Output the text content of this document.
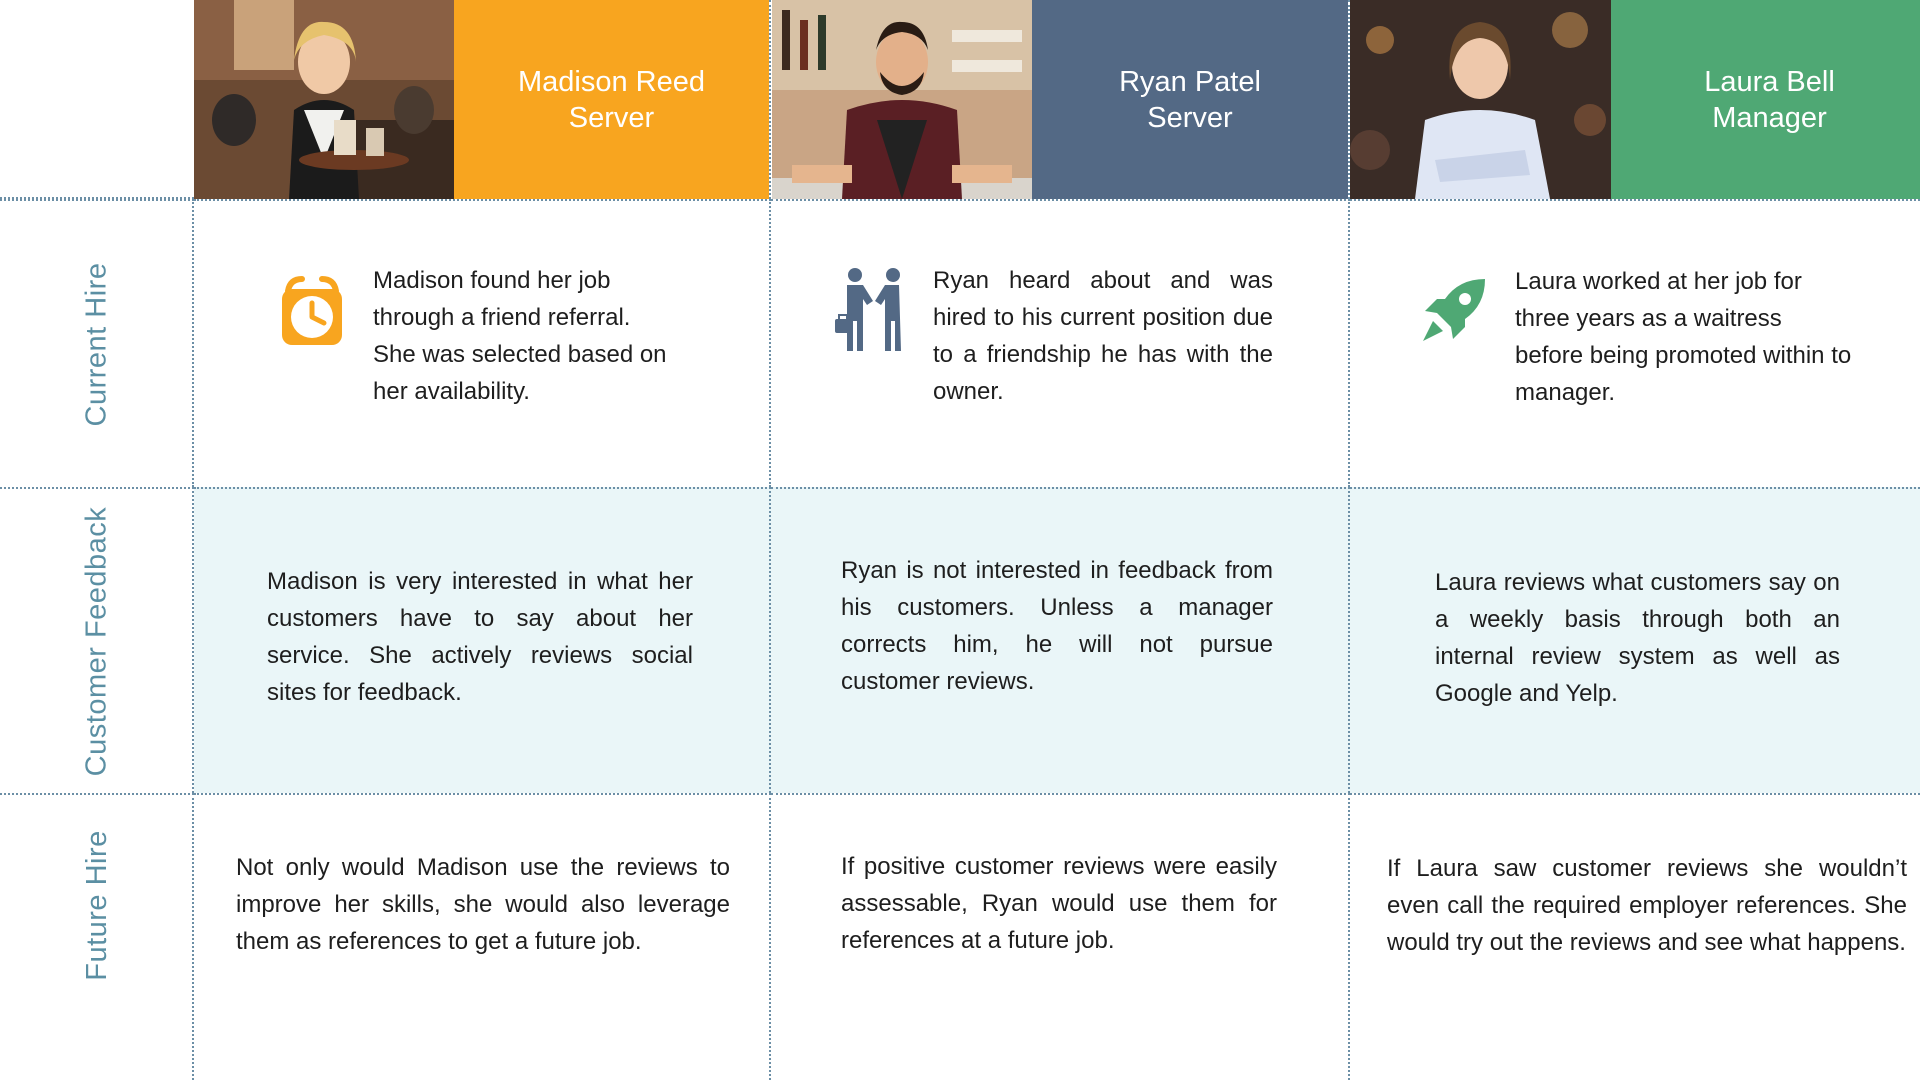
Madison Reed
Server
Ryan Patel
Server
Laura Bell
Manager
Current Hire	Madison found her job through a friend referral. She was selected based on her availability.
Ryan heard about and was hired to his current position due to a friendship he has with the owner.
Laura worked at her job for three years as a waitress before being promoted within to manager.
Customer Feedback	Madison is very interested in what her customers have to say about her service. She actively reviews social sites for feedback.
Ryan is not interested in feedback from his customers. Unless a manager corrects him, he will not pursue customer reviews.
Laura reviews what customers say on a weekly basis through both an internal review system as well as Google and Yelp.
Future Hire	Not only would Madison use the reviews to improve her skills, she would also leverage them as references to get a future job.
If positive customer reviews were easily assessable, Ryan would use them for references at a future job.
If Laura saw customer reviews she wouldn’t even call the required employer references. She would try out the reviews and see what happens.
